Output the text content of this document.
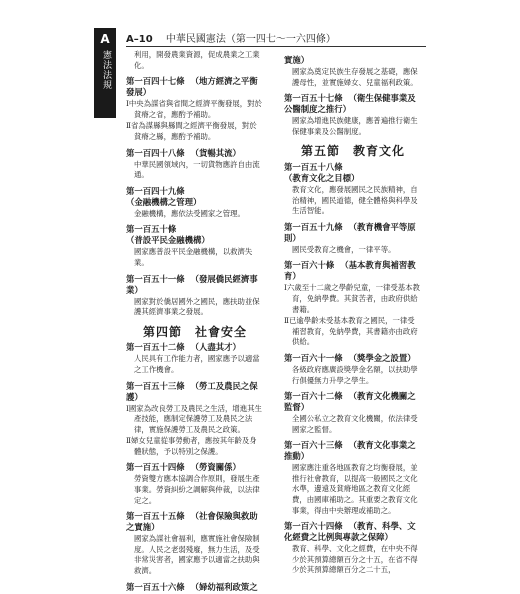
A
憲法法規
A–10 中華民國憲法（第一四七～一六四條）
利用，開發農業資源，促成農業之工業化。
第一百四十七條 （地方經濟之平衡發展）
Ⅰ中央為謀省與省間之經濟平衡發展，對於貧瘠之省，應酌予補助。
Ⅱ省為謀縣與縣間之經濟平衡發展，對於貧瘠之縣，應酌予補助。
第一百四十八條 （貨暢其流）
中華民國領域內，一切貨物應許自由流通。
第一百四十九條（金融機構之管理）
金融機構，應依法受國家之管理。
第一百五十條（普設平民金融機構）
國家應普設平民金融機構，以救濟失業。
第一百五十一條 （發展僑民經濟事業）
國家對於僑居國外之國民，應扶助並保護其經濟事業之發展。
第四節　社會安全
第一百五十二條 （人盡其才）
人民具有工作能力者，國家應予以適當之工作機會。
第一百五十三條 （勞工及農民之保護）
Ⅰ國家為改良勞工及農民之生活，增進其生產技能，應制定保護勞工及農民之法律，實施保護勞工及農民之政策。
Ⅱ婦女兒童從事勞動者，應按其年齡及身體狀態，予以特別之保護。
第一百五十四條 （勞資關係）
勞資雙方應本協調合作原則，發展生產事業。勞資糾紛之調解與仲裁，以法律定之。
第一百五十五條 （社會保險與救助之實施）
國家為謀社會福利，應實施社會保險制度。人民之老弱殘廢，無力生活，及受非常災害者，國家應予以適當之扶助與救濟。
第一百五十六條 （婦幼福利政策之
實施）
國家為奠定民族生存發展之基礎，應保護母性，並實施婦女、兒童福利政策。
第一百五十七條 （衛生保健事業及公醫制度之推行）
國家為增進民族健康，應普遍推行衛生保健事業及公醫制度。
第五節　教育文化
第一百五十八條（教育文化之目標）
教育文化，應發展國民之民族精神，自治精神，國民道德，健全體格與科學及生活智能。
第一百五十九條 （教育機會平等原則）
國民受教育之機會，一律平等。
第一百六十條 （基本教育與補習教育）
Ⅰ六歲至十二歲之學齡兒童，一律受基本教育，免納學費。其貧苦者，由政府供給書籍。
Ⅱ已逾學齡未受基本教育之國民，一律受補習教育，免納學費，其書籍亦由政府供給。
第一百六十一條 （獎學金之設置）
各級政府應廣設獎學金名額，以扶助學行俱優無力升學之學生。
第一百六十二條 （教育文化機關之監督）
全國公私立之教育文化機關，依法律受國家之監督。
第一百六十三條 （教育文化事業之推動）
國家應注重各地區教育之均衡發展，並推行社會教育，以提高一般國民之文化水準，邊遠及貧瘠地區之教育文化經費，由國庫補助之。其重要之教育文化事業，得由中央辦理或補助之。
第一百六十四條 （教育、科學、文化經費之比例與專款之保障）
教育、科學、文化之經費，在中央不得少於其預算總額百分之十五，在省不得少於其預算總額百分之二十五，
